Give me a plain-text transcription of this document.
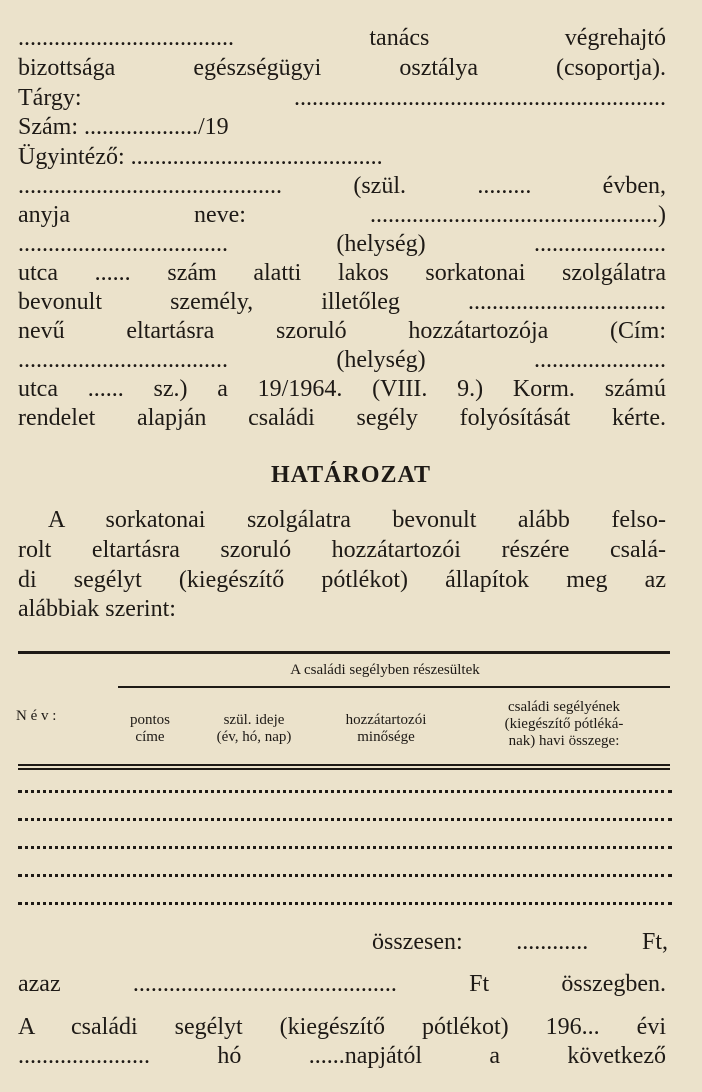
.................................... tanács végrehajtó
bizottsága egészségügyi osztálya (csoportja).
Tárgy: ..............................................................
Szám: .................../19
Ügyintéző: ..........................................
............................................ (szül. ......... évben,
anyja neve: ................................................)
................................... (helység) ......................
utca ...... szám alatti lakos sorkatonai szolgálatra
bevonult személy, illetőleg .................................
nevű eltartásra szoruló hozzátartozója (Cím:
................................... (helység) ......................
utca ...... sz.) a 19/1964. (VIII. 9.) Korm. számú
rendelet alapján családi segély folyósítását kérte.
HATÁROZAT
A sorkatonai szolgálatra bevonult alább felso-
rolt eltartásra szoruló hozzátartozói részére csalá-
di segélyt (kiegészítő pótlékot) állapítok meg az
alábbiak szerint:
A családi segélyben részesültek
N é v :	pontos
címe
szül. ideje
(év, hó, nap)
hozzátartozói
minősége
családi segélyének
(kiegészítő pótléká-
nak) havi összege:
összesen: ............ Ft,
azaz ............................................ Ft összegben.
A családi segélyt (kiegészítő pótlékot) 196... évi
...................... hó ......napjától a következő
